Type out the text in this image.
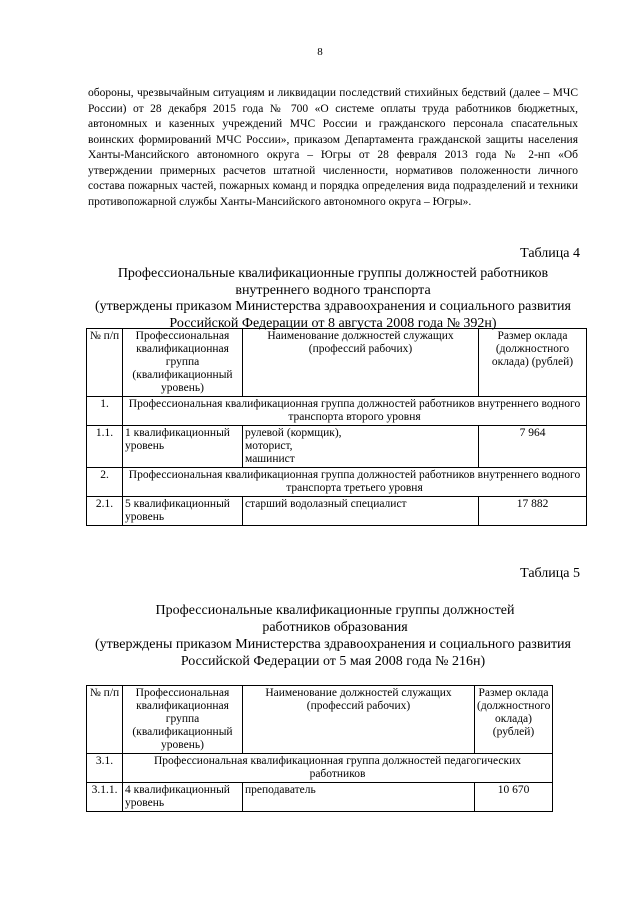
8

обороны, чрезвычайным ситуациям и ликвидации последствий стихийных бедствий (далее – МЧС России) от 28 декабря 2015 года № 700 «О системе оплаты труда работников бюджетных, автономных и казенных учреждений МЧС России и гражданского персонала спасательных воинских формирований МЧС России», приказом Департамента гражданской защиты населения Ханты-Мансийского автономного округа – Югры от 28 февраля 2013 года № 2-нп «Об утверждении примерных расчетов штатной численности, нормативов положенности личного состава пожарных частей, пожарных команд и порядка определения вида подразделений и техники противопожарной службы Ханты-Мансийского автономного округа – Югры».

Таблица 4

Профессиональные квалификационные группы должностей работников внутреннего водного транспорта

(утверждены приказом Министерства здравоохранения и социального развития Российской Федерации от 8 августа 2008 года № 392н)

№ п/п	Профессиональная квалификационная группа (квалификационный уровень)	Наименование должностей служащих (профессий рабочих)	Размер оклада (должностного оклада) (рублей)
1.	Профессиональная квалификационная группа должностей работников внутреннего водного транспорта второго уровня		
1.1.	1 квалификационный уровень	рулевой (кормщик),
моторист,
машинист	7 964
2.	Профессиональная квалификационная группа должностей работников внутреннего водного транспорта третьего уровня		
2.1.	5 квалификационный уровень	старший водолазный специалист	17 882
Таблица 5

Профессиональные квалификационные группы должностей работников образования

(утверждены приказом Министерства здравоохранения и социального развития Российской Федерации от 5 мая 2008 года № 216н)

№ п/п	Профессиональная квалификационная группа (квалификационный уровень)	Наименование должностей служащих (профессий рабочих)	Размер оклада (должностного оклада) (рублей)
3.1.	Профессиональная квалификационная группа должностей педагогических работников		
3.1.1.	4 квалификационный уровень	преподаватель	10 670
